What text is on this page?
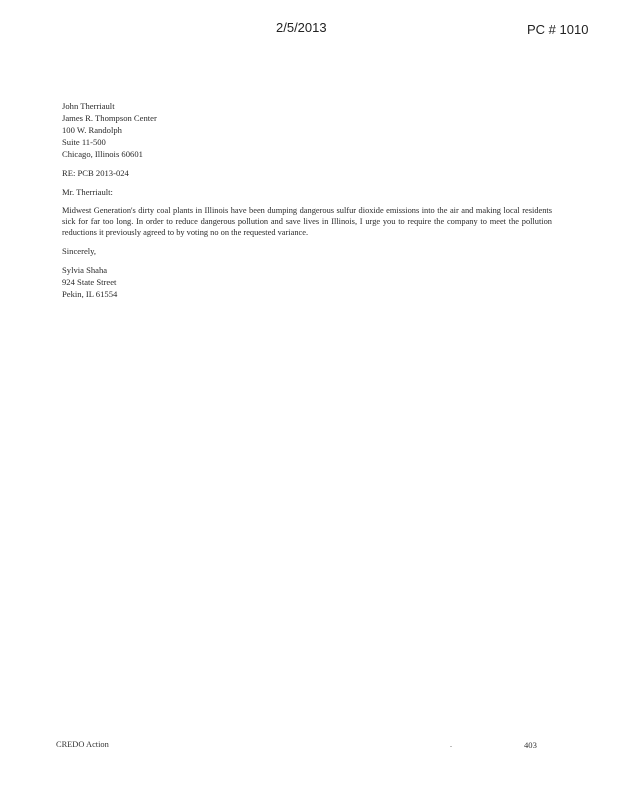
2/5/2013	PC # 1010
John Therriault
James R. Thompson Center
100 W. Randolph
Suite 11-500
Chicago, Illinois 60601
RE: PCB 2013-024
Mr. Therriault:
Midwest Generation's dirty coal plants in Illinois have been dumping dangerous sulfur dioxide emissions into the air and making local residents sick for far too long. In order to reduce dangerous pollution and save lives in Illinois, I urge you to require the company to meet the pollution reductions it previously agreed to by voting no on the requested variance.
Sincerely,
Sylvia Shaha
924 State Street
Pekin, IL 61554
CREDO Action	.	403
